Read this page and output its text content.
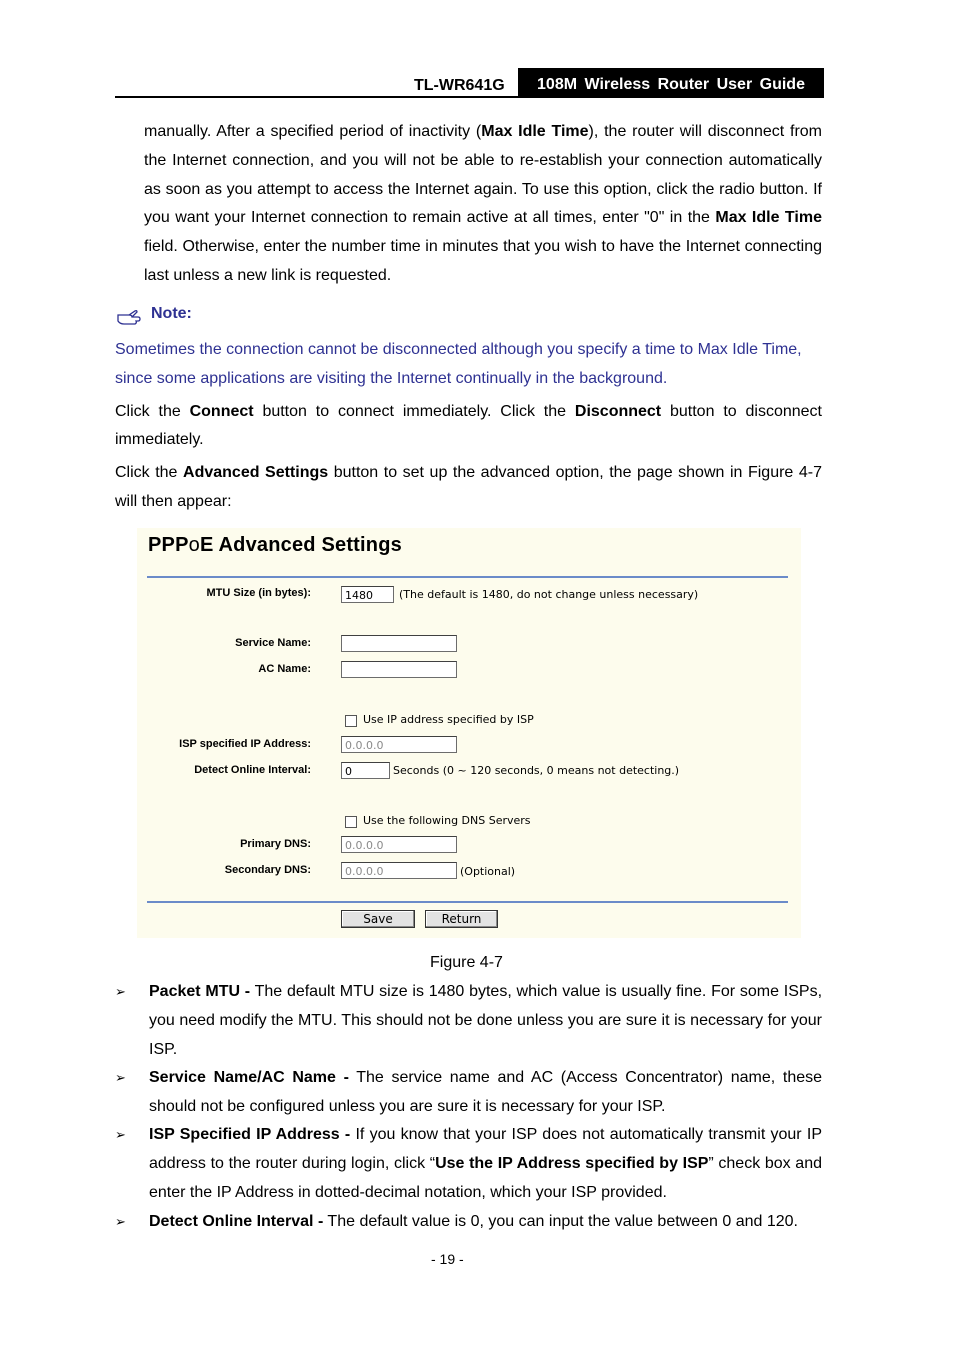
TL-WR641G	108M Wireless Router User Guide
manually. After a specified period of inactivity (Max Idle Time), the router will disconnect from the Internet connection, and you will not be able to re-establish your connection automatically as soon as you attempt to access the Internet again. To use this option, click the radio button. If you want your Internet connection to remain active at all times, enter "0" in the Max Idle Time field. Otherwise, enter the number time in minutes that you wish to have the Internet connecting last unless a new link is requested.
Note:
Sometimes the connection cannot be disconnected although you specify a time to Max Idle Time, since some applications are visiting the Internet continually in the background.
Click the Connect button to connect immediately. Click the Disconnect button to disconnect immediately.
Click the Advanced Settings button to set up the advanced option, the page shown in Figure 4-7 will then appear:
PPPoE Advanced Settings
MTU Size (in bytes):	1480	(The default is 1480, do not change unless necessary)
Service Name:
AC Name:
Use IP address specified by ISP
ISP specified IP Address:	0.0.0.0
Detect Online Interval:	0	Seconds (0 ~ 120 seconds, 0 means not detecting.)
Use the following DNS Servers
Primary DNS:	0.0.0.0
Secondary DNS:	0.0.0.0	(Optional)
Save	Return
Figure 4-7
➢ Packet MTU - The default MTU size is 1480 bytes, which value is usually fine. For some ISPs, you need modify the MTU. This should not be done unless you are sure it is necessary for your ISP.
➢ Service Name/AC Name - The service name and AC (Access Concentrator) name, these should not be configured unless you are sure it is necessary for your ISP.
➢ ISP Specified IP Address - If you know that your ISP does not automatically transmit your IP address to the router during login, click “Use the IP Address specified by ISP” check box and enter the IP Address in dotted-decimal notation, which your ISP provided.
➢ Detect Online Interval - The default value is 0, you can input the value between 0 and 120.
- 19 -
